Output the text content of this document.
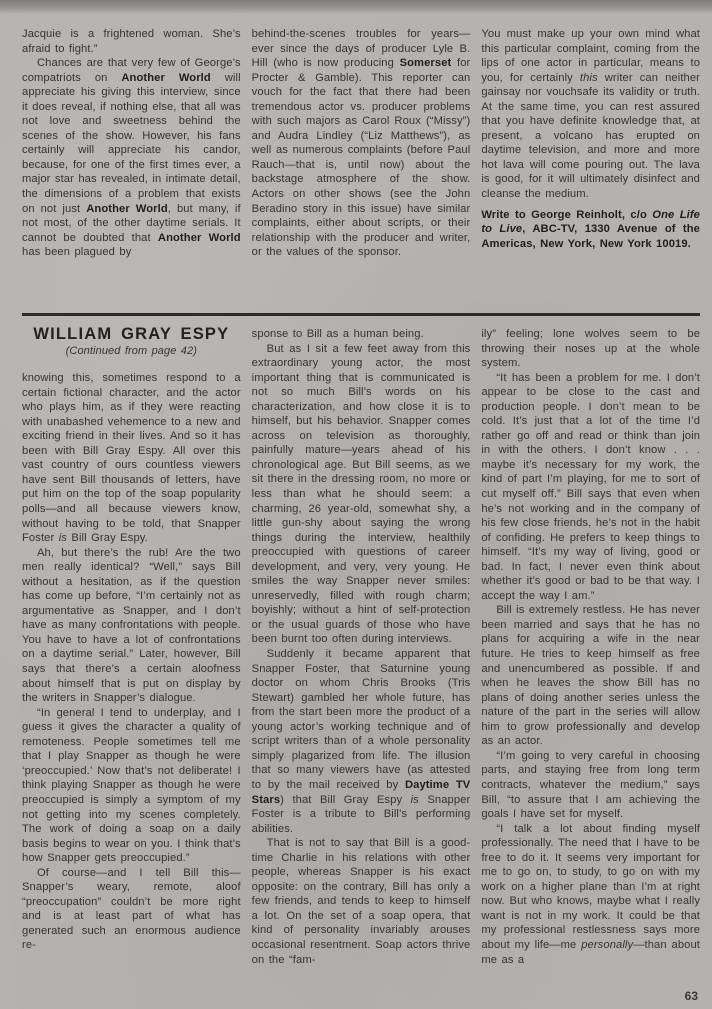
Jacquie is a frightened woman. She’s afraid to fight.”

Chances are that very few of George’s compatriots on Another World will appreciate his giving this interview, since it does reveal, if nothing else, that all was not love and sweetness behind the scenes of the show. However, his fans certainly will appreciate his candor, because, for one of the first times ever, a major star has revealed, in intimate detail, the dimensions of a problem that exists on not just Another World, but many, if not most, of the other daytime serials. It cannot be doubted that Another World has been plagued by

behind-the-scenes troubles for years—ever since the days of producer Lyle B. Hill (who is now producing Somerset for Procter & Gamble). This reporter can vouch for the fact that there had been tremendous actor vs. producer problems with such majors as Carol Roux (“Missy”) and Audra Lindley (“Liz Matthews”), as well as numerous complaints (before Paul Rauch—that is, until now) about the backstage atmosphere of the show. Actors on other shows (see the John Beradino story in this issue) have similar complaints, either about scripts, or their relationship with the producer and writer, or the values of the sponsor.

You must make up your own mind what this particular complaint, coming from the lips of one actor in particular, means to you, for certainly this writer can neither gainsay nor vouchsafe its validity or truth. At the same time, you can rest assured that you have definite knowledge that, at present, a volcano has erupted on daytime television, and more and more hot lava will come pouring out. The lava is good, for it will ultimately disinfect and cleanse the medium.

Write to George Reinholt, c/o One Life to Live, ABC-TV, 1330 Avenue of the Americas, New York, New York 10019.

WILLIAM GRAY ESPY
(Continued from page 42)

knowing this, sometimes respond to a certain fictional character, and the actor who plays him, as if they were reacting with unabashed vehemence to a new and exciting friend in their lives. And so it has been with Bill Gray Espy. All over this vast country of ours countless viewers have sent Bill thousands of letters, have put him on the top of the soap popularity polls—and all because viewers know, without having to be told, that Snapper Foster is Bill Gray Espy.

Ah, but there’s the rub! Are the two men really identical? “Well,” says Bill without a hesitation, as if the question has come up before, “I’m certainly not as argumentative as Snapper, and I don’t have as many confrontations with people. You have to have a lot of confrontations on a daytime serial.” Later, however, Bill says that there’s a certain aloofness about himself that is put on display by the writers in Snapper’s dialogue.

“In general I tend to underplay, and I guess it gives the character a quality of remoteness. People sometimes tell me that I play Snapper as though he were ‘preoccupied.’ Now that’s not deliberate! I think playing Snapper as though he were preoccupied is simply a symptom of my not getting into my scenes completely. The work of doing a soap on a daily basis begins to wear on you. I think that’s how Snapper gets preoccupied.”

Of course—and I tell Bill this—Snapper’s weary, remote, aloof “preoccupation” couldn’t be more right and is at least part of what has generated such an enormous audience re-

sponse to Bill as a human being.

But as I sit a few feet away from this extraordinary young actor, the most important thing that is communicated is not so much Bill’s words on his characterization, and how close it is to himself, but his behavior. Snapper comes across on television as thoroughly, painfully mature—years ahead of his chronological age. But Bill seems, as we sit there in the dressing room, no more or less than what he should seem: a charming, 26 year-old, somewhat shy, a little gun-shy about saying the wrong things during the interview, healthily preoccupied with questions of career development, and very, very young. He smiles the way Snapper never smiles: unreservedly, filled with rough charm; boyishly; without a hint of self-protection or the usual guards of those who have been burnt too often during interviews.

Suddenly it became apparent that Snapper Foster, that Saturnine young doctor on whom Chris Brooks (Tris Stewart) gambled her whole future, has from the start been more the product of a young actor’s working technique and of script writers than of a whole personality simply plagarized from life. The illusion that so many viewers have (as attested to by the mail received by Daytime TV Stars) that Bill Gray Espy is Snapper Foster is a tribute to Bill’s performing abilities.

That is not to say that Bill is a good-time Charlie in his relations with other people, whereas Snapper is his exact opposite: on the contrary, Bill has only a few friends, and tends to keep to himself a lot. On the set of a soap opera, that kind of personality invariably arouses occasional resentment. Soap actors thrive on the “fam-

ily” feeling; lone wolves seem to be throwing their noses up at the whole system.

“It has been a problem for me. I don’t appear to be close to the cast and production people. I don’t mean to be cold. It’s just that a lot of the time I’d rather go off and read or think than join in with the others. I don’t know . . . maybe it’s necessary for my work, the kind of part I’m playing, for me to sort of cut myself off.” Bill says that even when he’s not working and in the company of his few close friends, he’s not in the habit of confiding. He prefers to keep things to himself. “It’s my way of living, good or bad. In fact, I never even think about whether it’s good or bad to be that way. I accept the way I am.”

Bill is extremely restless. He has never been married and says that he has no plans for acquiring a wife in the near future. He tries to keep himself as free and unencumbered as possible. If and when he leaves the show Bill has no plans of doing another series unless the nature of the part in the series will allow him to grow professionally and develop as an actor.

“I’m going to very careful in choosing parts, and staying free from long term contracts, whatever the medium,” says Bill, “to assure that I am achieving the goals I have set for myself.

“I talk a lot about finding myself professionally. The need that I have to be free to do it. It seems very important for me to go on, to study, to go on with my work on a higher plane than I’m at right now. But who knows, maybe what I really want is not in my work. It could be that my professional restlessness says more about my life—me personally—than about me as a

63
